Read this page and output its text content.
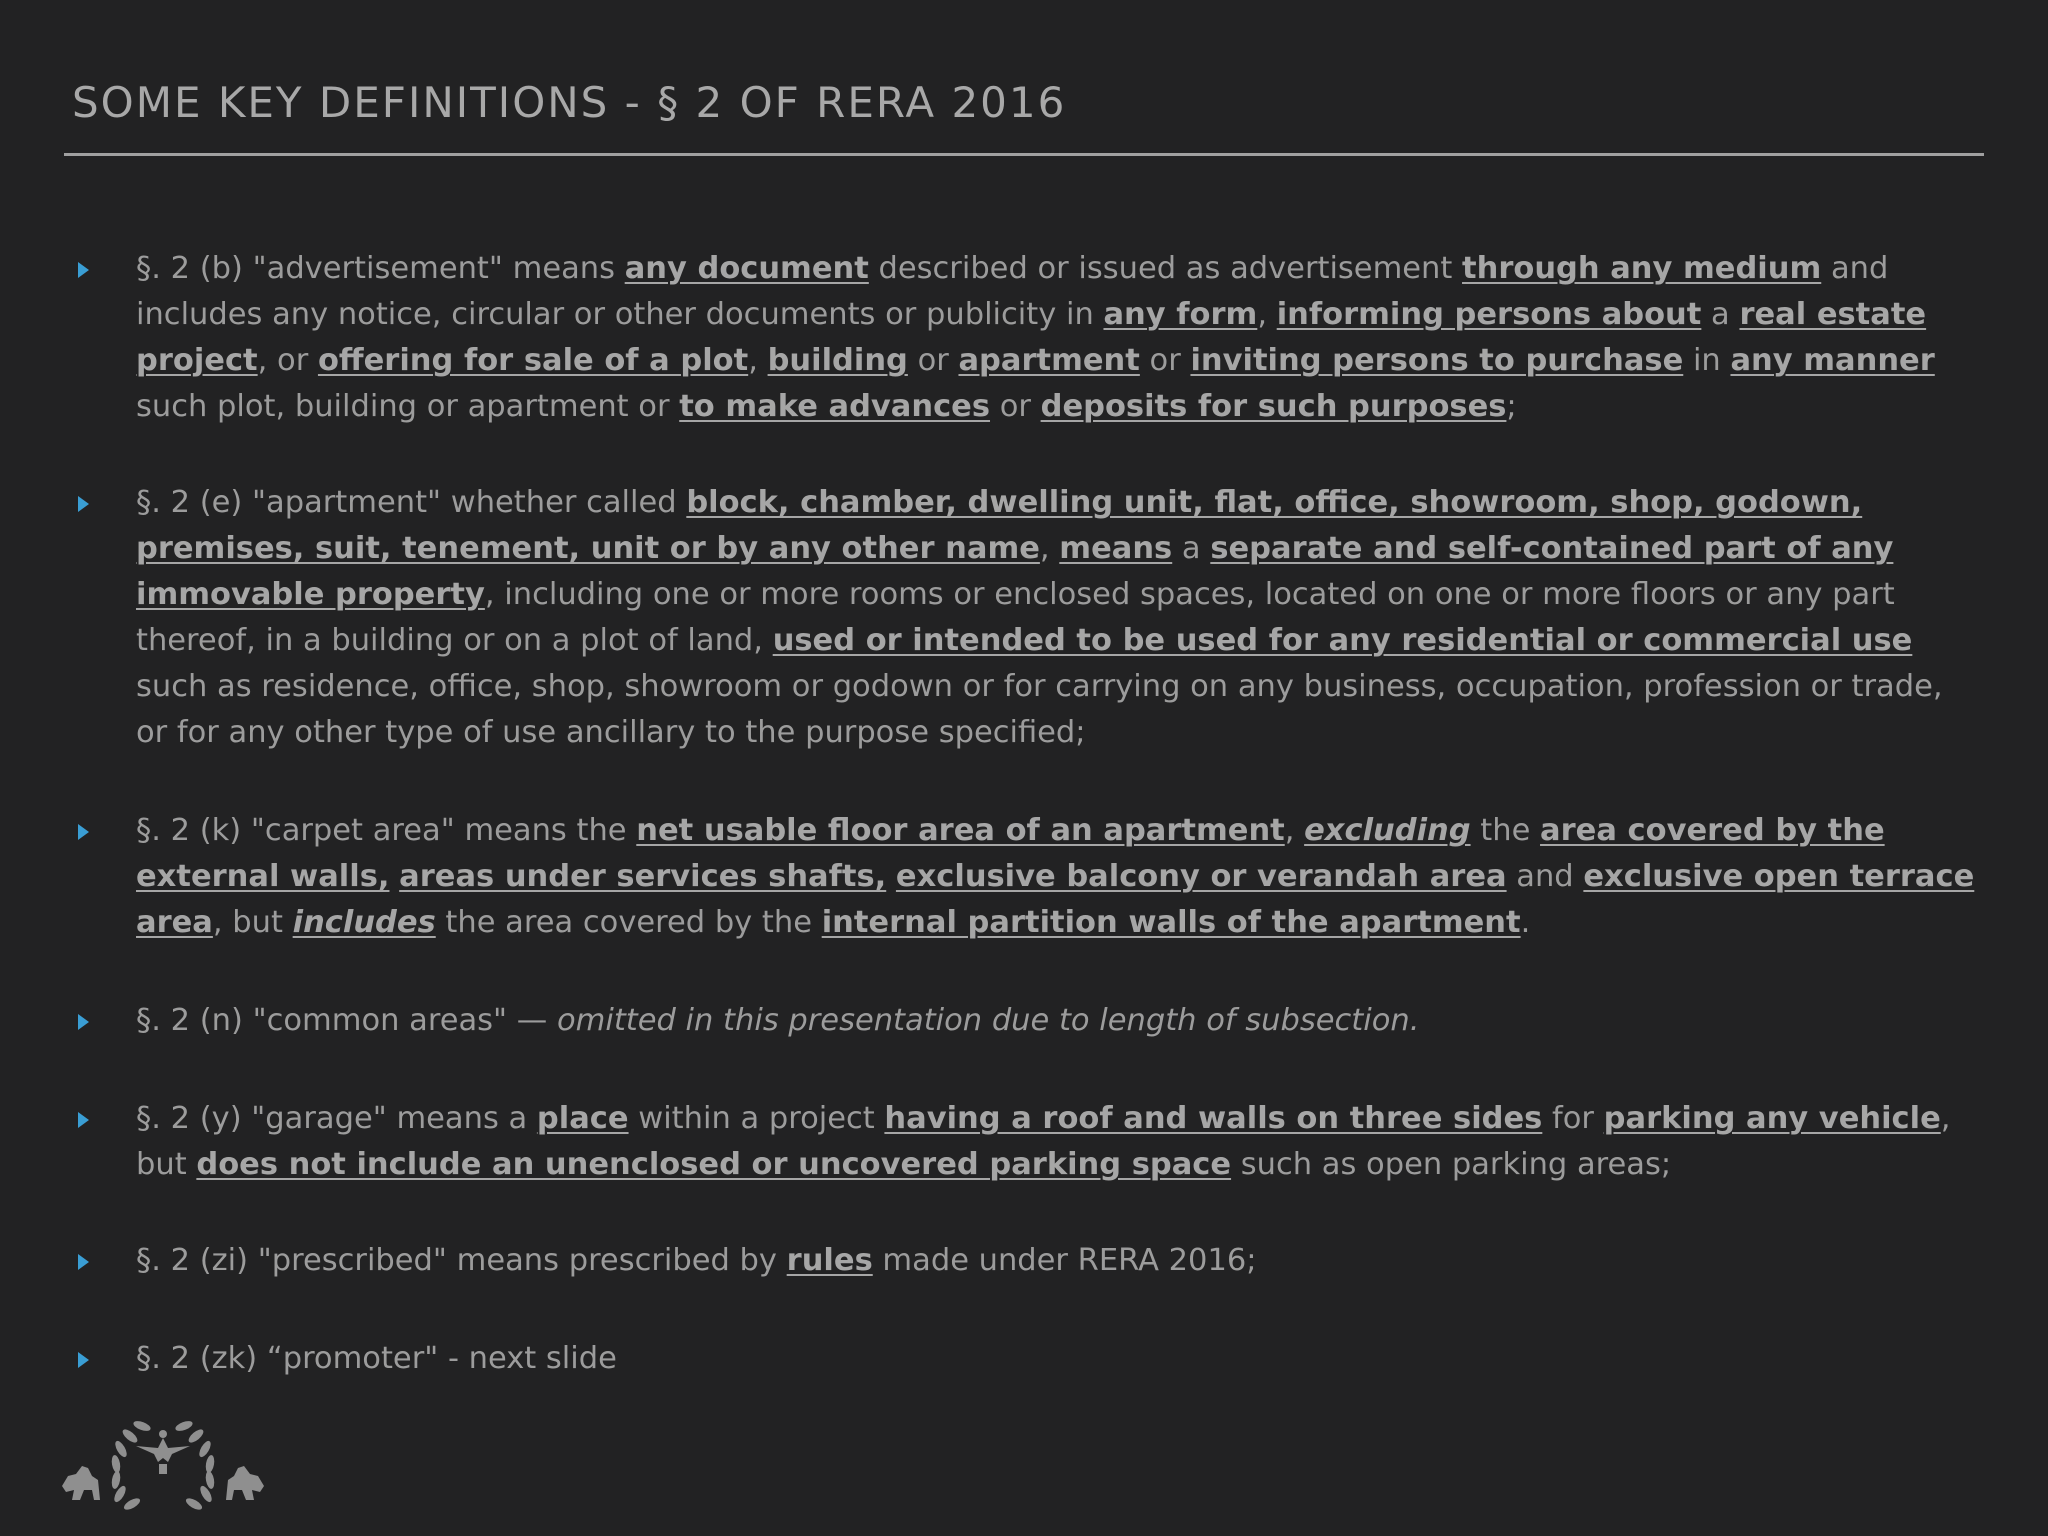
SOME KEY DEFINITIONS - § 2 OF RERA 2016
§. 2 (b) "advertisement" means any document described or issued as advertisement through any medium and includes any notice, circular or other documents or publicity in any form, informing persons about a real estate project, or offering for sale of a plot, building or apartment or inviting persons to purchase in any manner such plot, building or apartment or to make advances or deposits for such purposes;
§. 2 (e) "apartment" whether called block, chamber, dwelling unit, flat, office, showroom, shop, godown, premises, suit, tenement, unit or by any other name, means a separate and self-contained part of any immovable property, including one or more rooms or enclosed spaces, located on one or more floors or any part thereof, in a building or on a plot of land, used or intended to be used for any residential or commercial use such as residence, office, shop, showroom or godown or for carrying on any business, occupation, profession or trade, or for any other type of use ancillary to the purpose specified;
§. 2 (k) "carpet area" means the net usable floor area of an apartment, excluding the area covered by the external walls, areas under services shafts, exclusive balcony or verandah area and exclusive open terrace area, but includes the area covered by the internal partition walls of the apartment.
§. 2 (n) "common areas" — omitted in this presentation due to length of subsection.
§. 2 (y) "garage" means a place within a project having a roof and walls on three sides for parking any vehicle, but does not include an unenclosed or uncovered parking space such as open parking areas;
§. 2 (zi) "prescribed" means prescribed by rules made under RERA 2016;
§. 2 (zk) “promoter" - next slide
